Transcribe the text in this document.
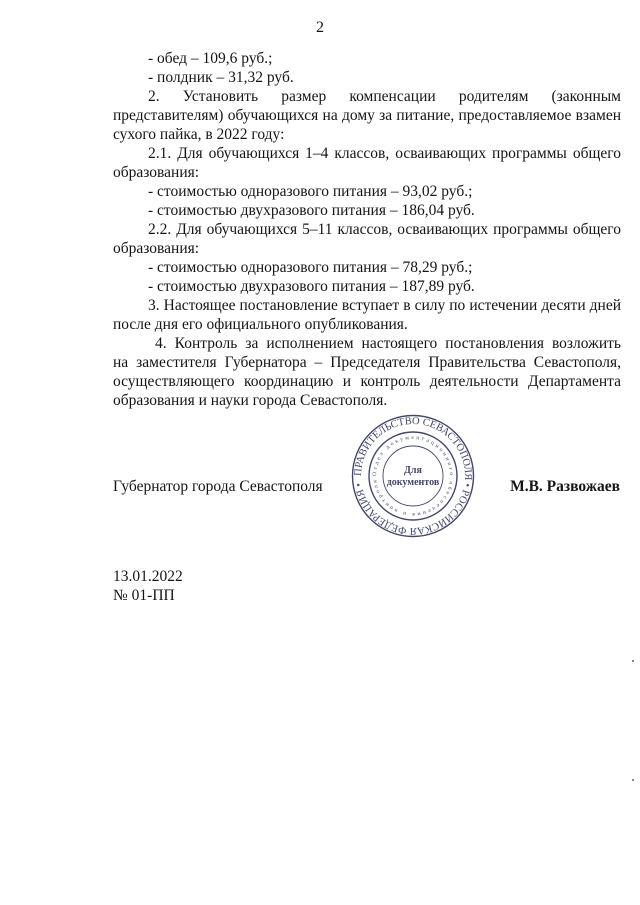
2
- обед – 109,6 руб.;
- полдник – 31,32 руб.
2. Установить размер компенсации родителям (законным
представителям) обучающихся на дому за питание, предоставляемое взамен
сухого пайка, в 2022 году:
2.1. Для обучающихся 1–4 классов, осваивающих программы общего
образования:
- стоимостью одноразового питания – 93,02 руб.;
- стоимостью двухразового питания – 186,04 руб.
2.2. Для обучающихся 5–11 классов, осваивающих программы общего
образования:
- стоимостью одноразового питания – 78,29 руб.;
- стоимостью двухразового питания – 187,89 руб.
3. Настоящее постановление вступает в силу по истечении десяти дней
после дня его официального опубликования.
4. Контроль за исполнением настоящего постановления возложить
на заместителя Губернатора – Председателя Правительства Севастополя,
осуществляющего координацию и контроль деятельности Департамента
образования и науки города Севастополя.
Губернатор города Севастополя	М.В. Развожаев
ПРАВИТЕЛЬСТВО СЕВАСТОПОЛЯ • РОССИЙСКАЯ ФЕДЕРАЦИЯ •
Отдел документационного обеспечения и контроля
Для
документов
13.01.2022
№ 01-ПП
